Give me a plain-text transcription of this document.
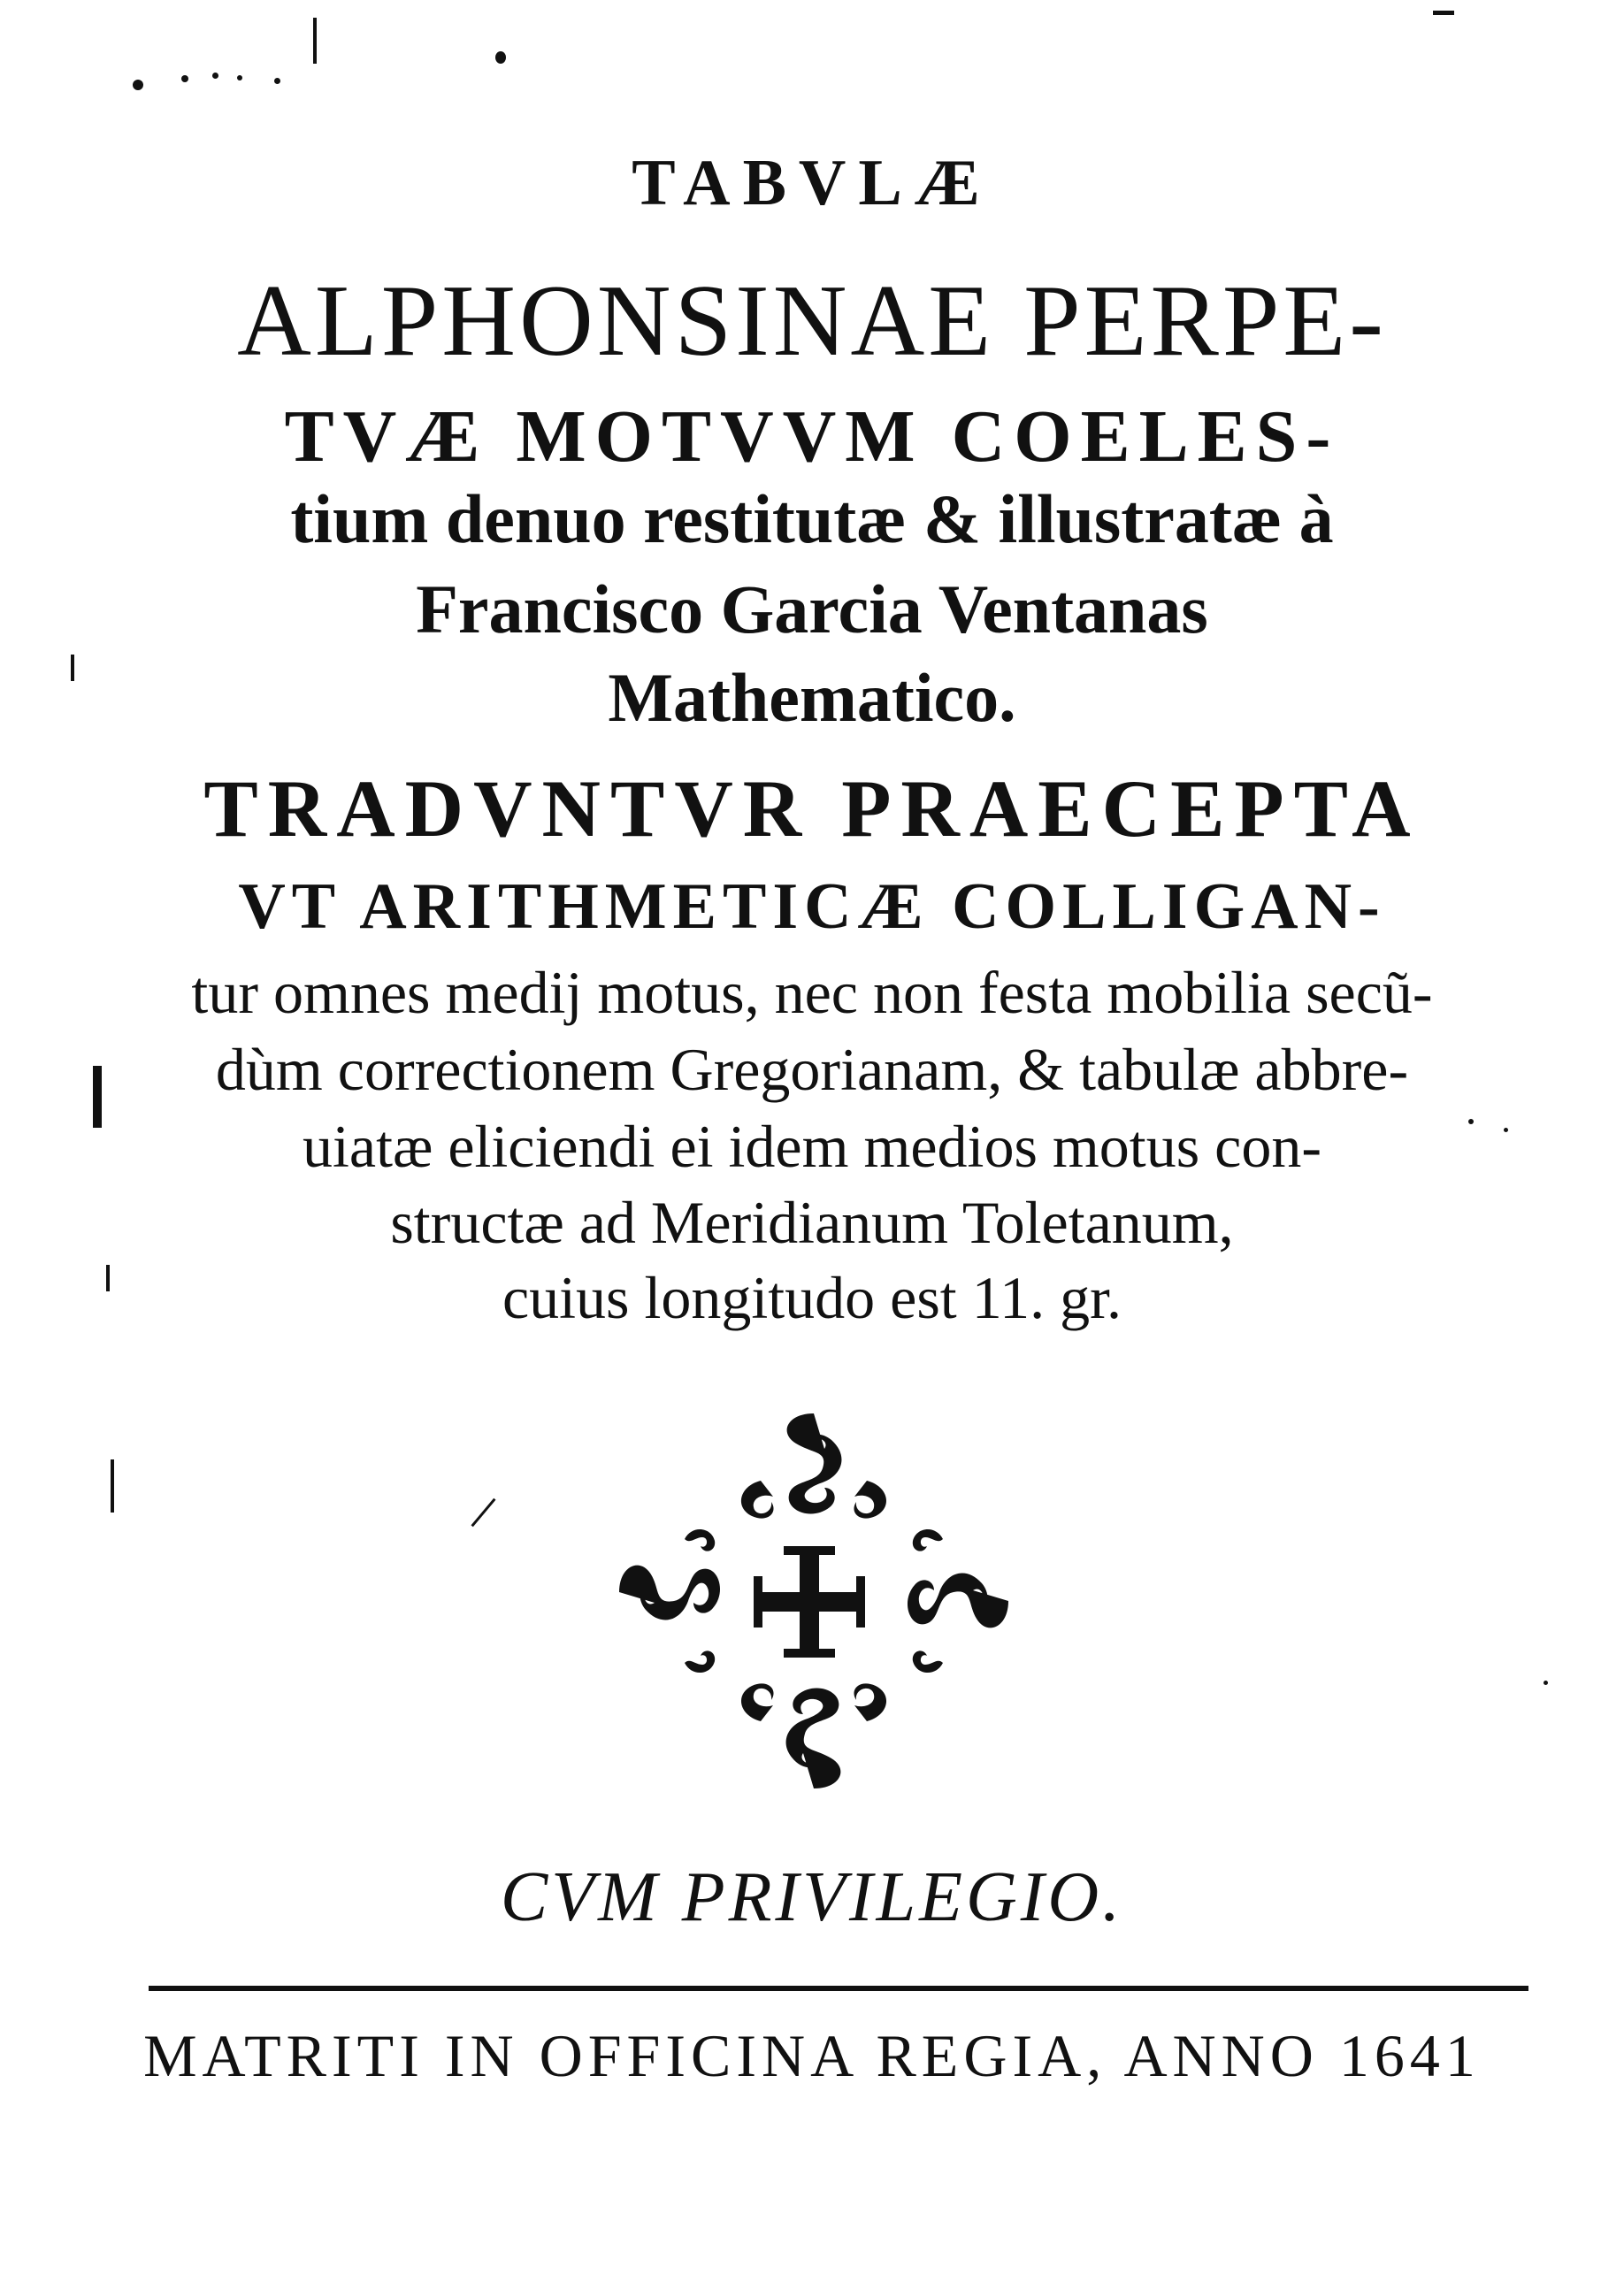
TABVLÆ
ALPHONSINAE PERPE-
TVÆ MOTVVM COELES-
tium denuo restitutæ & illustratæ à
Francisco Garcia Ventanas
Mathematico.
TRADVNTVR PRAECEPTA
VT ARITHMETICÆ COLLIGAN-
tur omnes medij motus, nec non festa mobilia secũ-
dùm correctionem Gregorianam, & tabulæ abbre-
uiatæ eliciendi ei idem medios motus con-
structæ ad Meridianum Toletanum,
cuius longitudo est 11. gr.
CVM PRIVILEGIO.
MATRITI IN OFFICINA REGIA, ANNO 1641
